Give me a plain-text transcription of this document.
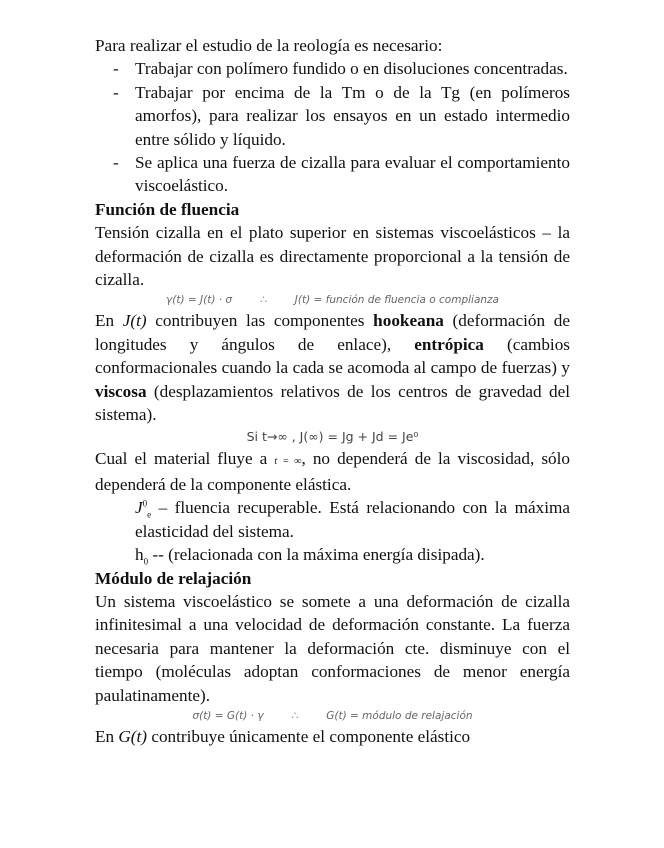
Para realizar el estudio de la reología es necesario:

- Trabajar con polímero fundido o en disoluciones concentradas.
- Trabajar por encima de la Tm o de la Tg (en polímeros amorfos), para realizar los ensayos en un estado intermedio entre sólido y líquido.
- Se aplica una fuerza de cizalla para evaluar el comportamiento viscoelástico.

Función de fluencia

Tensión cizalla en el plato superior en sistemas viscoelásticos – la deformación de cizalla es directamente proporcional a la tensión de cizalla.

γ(t) = J(t) · σ	∴	J(t) = función de fluencia o complianza

En J(t) contribuyen las componentes hookeana (deformación de longitudes y ángulos de enlace), entrópica (cambios conformacionales cuando la cada se acomoda al campo de fuerzas) y viscosa (desplazamientos relativos de los centros de gravedad del sistema).

Si t→∞ , J(∞) = Jg + Jd = Je⁰

Cual el material fluye a t = ∞, no dependerá de la viscosidad, sólo dependerá de la componente elástica.

$J^0_e$ – fluencia recuperable. Está relacionando con la máxima elasticidad del sistema.

$h_0$ -- (relacionada con la máxima energía disipada).

Módulo de relajación

Un sistema viscoelástico se somete a una deformación de cizalla infinitesimal a una velocidad de deformación constante. La fuerza necesaria para mantener la deformación cte. disminuye con el tiempo (moléculas adoptan conformaciones de menor energía paulatinamente).

σ(t) = G(t) · γ	∴	G(t) = módulo de relajación

En G(t) contribuye únicamente el componente elástico
